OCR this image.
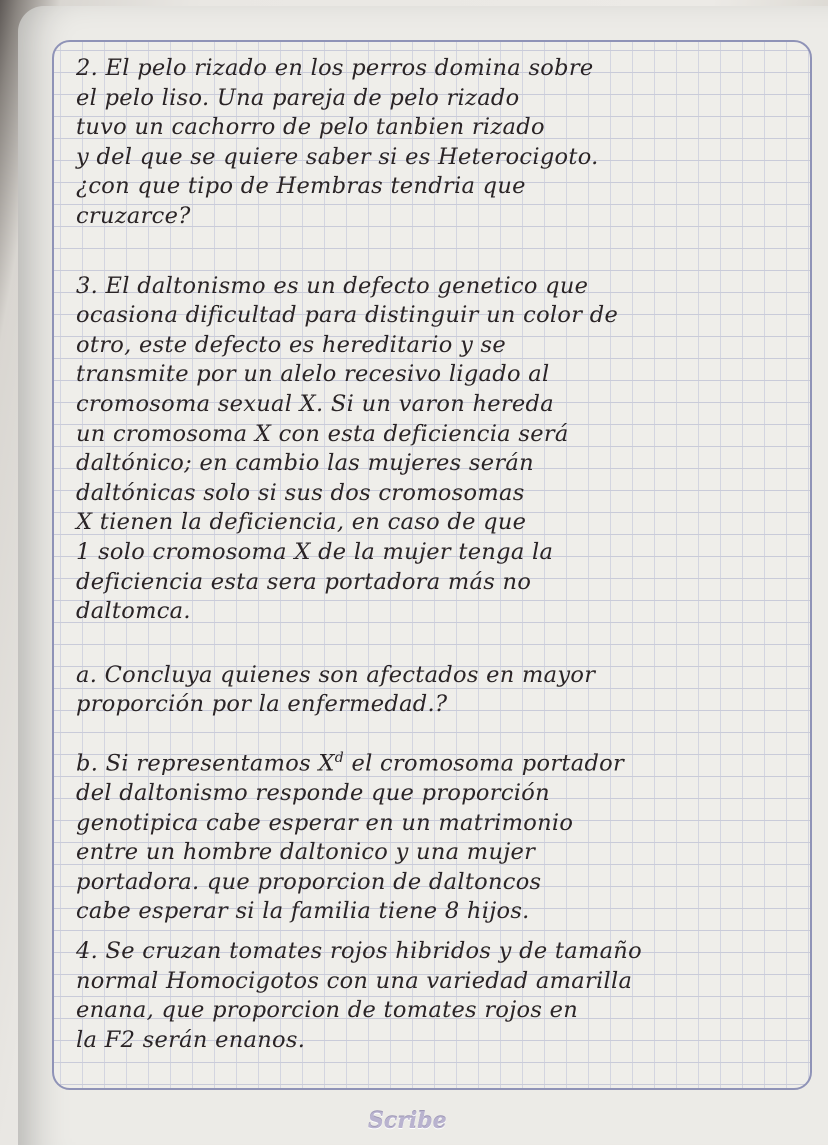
2. El pelo rizado en los perros domina sobre
el pelo liso. Una pareja de pelo rizado
tuvo un cachorro de pelo tanbien rizado
y del que se quiere saber si es Heterocigoto.
¿con que tipo de Hembras tendria que
cruzarce?
3. El daltonismo es un defecto genetico que
ocasiona dificultad para distinguir un color de
otro, este defecto es hereditario y se
transmite por un alelo recesivo ligado al
cromosoma sexual X. Si un varon hereda
un cromosoma X con esta deficiencia será
daltónico; en cambio las mujeres serán
daltónicas solo si sus dos cromosomas
X tienen la deficiencia, en caso de que
1 solo cromosoma X de la mujer tenga la
deficiencia esta sera portadora más no
daltomca.
a. Concluya quienes son afectados en mayor
proporción por la enfermedad.?
b. Si representamos $X^d$ el cromosoma portador
del daltonismo responde que proporción
genotipica cabe esperar en un matrimonio
entre un hombre daltonico y una mujer
portadora. que proporcion de daltoncos
cabe esperar si la familia tiene 8 hijos.
4. Se cruzan tomates rojos hibridos y de tamaño
normal Homocigotos con una variedad amarilla
enana, que proporcion de tomates rojos en
la F2 serán enanos.
Scribe
